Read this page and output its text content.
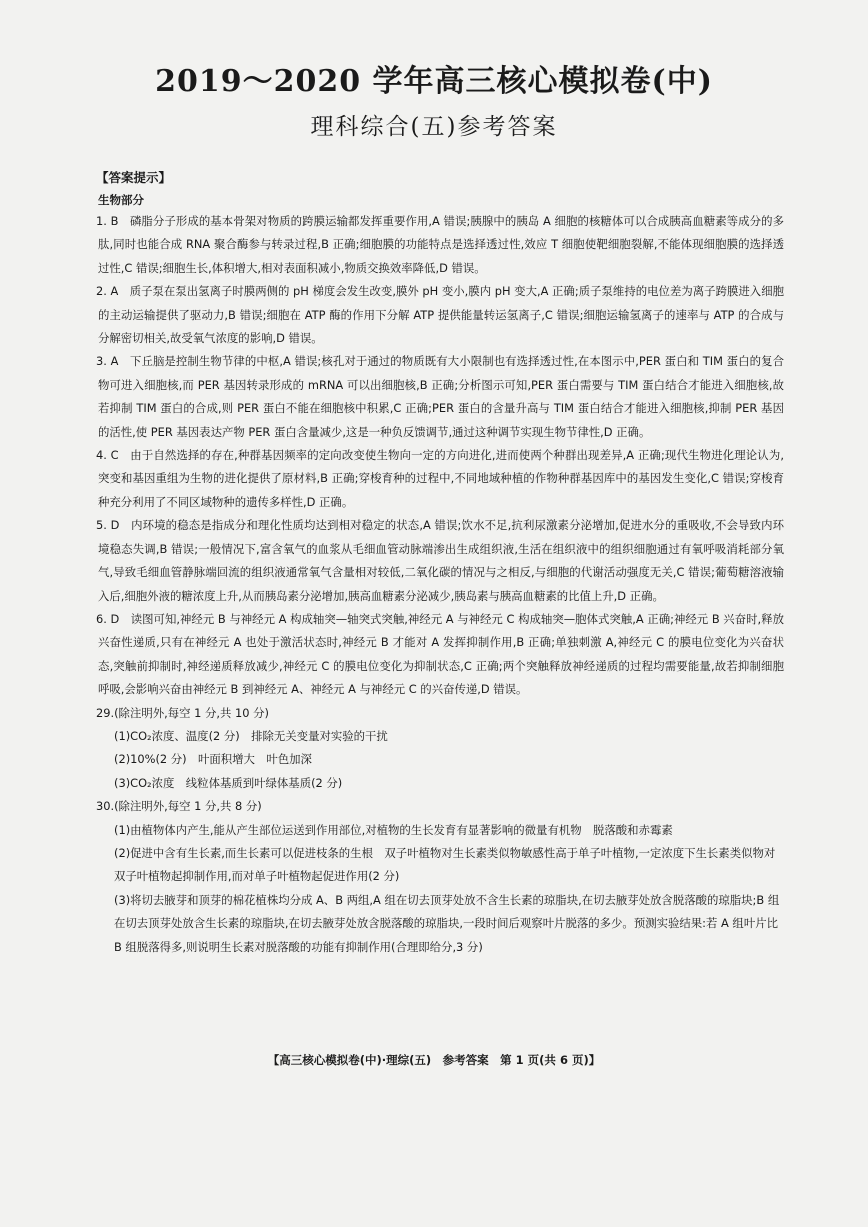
2019～2020 学年高三核心模拟卷(中)
理科综合(五)参考答案
【答案提示】
生物部分

1. B　磷脂分子形成的基本骨架对物质的跨膜运输都发挥重要作用,A 错误;胰腺中的胰岛 A 细胞的核糖体可以合成胰高血糖素等成分的多肽,同时也能合成 RNA 聚合酶参与转录过程,B 正确;细胞膜的功能特点是选择透过性,效应 T 细胞使靶细胞裂解,不能体现细胞膜的选择透过性,C 错误;细胞生长,体积增大,相对表面积减小,物质交换效率降低,D 错误。

2. A　质子泵在泵出氢离子时膜两侧的 pH 梯度会发生改变,膜外 pH 变小,膜内 pH 变大,A 正确;质子泵维持的电位差为离子跨膜进入细胞的主动运输提供了驱动力,B 错误;细胞在 ATP 酶的作用下分解 ATP 提供能量转运氢离子,C 错误;细胞运输氢离子的速率与 ATP 的合成与分解密切相关,故受氧气浓度的影响,D 错误。

3. A　下丘脑是控制生物节律的中枢,A 错误;核孔对于通过的物质既有大小限制也有选择透过性,在本图示中,PER 蛋白和 TIM 蛋白的复合物可进入细胞核,而 PER 基因转录形成的 mRNA 可以出细胞核,B 正确;分析图示可知,PER 蛋白需要与 TIM 蛋白结合才能进入细胞核,故若抑制 TIM 蛋白的合成,则 PER 蛋白不能在细胞核中积累,C 正确;PER 蛋白的含量升高与 TIM 蛋白结合才能进入细胞核,抑制 PER 基因的活性,使 PER 基因表达产物 PER 蛋白含量减少,这是一种负反馈调节,通过这种调节实现生物节律性,D 正确。

4. C　由于自然选择的存在,种群基因频率的定向改变使生物向一定的方向进化,进而使两个种群出现差异,A 正确;现代生物进化理论认为,突变和基因重组为生物的进化提供了原材料,B 正确;穿梭育种的过程中,不同地域种植的作物种群基因库中的基因发生变化,C 错误;穿梭育种充分利用了不同区域物种的遗传多样性,D 正确。

5. D　内环境的稳态是指成分和理化性质均达到相对稳定的状态,A 错误;饮水不足,抗利尿激素分泌增加,促进水分的重吸收,不会导致内环境稳态失调,B 错误;一般情况下,富含氧气的血浆从毛细血管动脉端渗出生成组织液,生活在组织液中的组织细胞通过有氧呼吸消耗部分氧气,导致毛细血管静脉端回流的组织液通常氧气含量相对较低,二氧化碳的情况与之相反,与细胞的代谢活动强度无关,C 错误;葡萄糖溶液输入后,细胞外液的糖浓度上升,从而胰岛素分泌增加,胰高血糖素分泌减少,胰岛素与胰高血糖素的比值上升,D 正确。

6. D　读图可知,神经元 B 与神经元 A 构成轴突—轴突式突触,神经元 A 与神经元 C 构成轴突—胞体式突触,A 正确;神经元 B 兴奋时,释放兴奋性递质,只有在神经元 A 也处于激活状态时,神经元 B 才能对 A 发挥抑制作用,B 正确;单独刺激 A,神经元 C 的膜电位变化为兴奋状态,突触前抑制时,神经递质释放减少,神经元 C 的膜电位变化为抑制状态,C 正确;两个突触释放神经递质的过程均需要能量,故若抑制细胞呼吸,会影响兴奋由神经元 B 到神经元 A、神经元 A 与神经元 C 的兴奋传递,D 错误。

29.(除注明外,每空 1 分,共 10 分)

(1)CO₂浓度、温度(2 分)　排除无关变量对实验的干扰

(2)10%(2 分)　叶面积增大　叶色加深

(3)CO₂浓度　线粒体基质到叶绿体基质(2 分)

30.(除注明外,每空 1 分,共 8 分)

(1)由植物体内产生,能从产生部位运送到作用部位,对植物的生长发育有显著影响的微量有机物　脱落酸和赤霉素

(2)促进中含有生长素,而生长素可以促进枝条的生根　双子叶植物对生长素类似物敏感性高于单子叶植物,一定浓度下生长素类似物对双子叶植物起抑制作用,而对单子叶植物起促进作用(2 分)

(3)将切去腋芽和顶芽的棉花植株均分成 A、B 两组,A 组在切去顶芽处放不含生长素的琼脂块,在切去腋芽处放含脱落酸的琼脂块;B 组在切去顶芽处放含生长素的琼脂块,在切去腋芽处放含脱落酸的琼脂块,一段时间后观察叶片脱落的多少。预测实验结果:若 A 组叶片比 B 组脱落得多,则说明生长素对脱落酸的功能有抑制作用(合理即给分,3 分)

【高三核心模拟卷(中)·理综(五)　参考答案　第 1 页(共 6 页)】
